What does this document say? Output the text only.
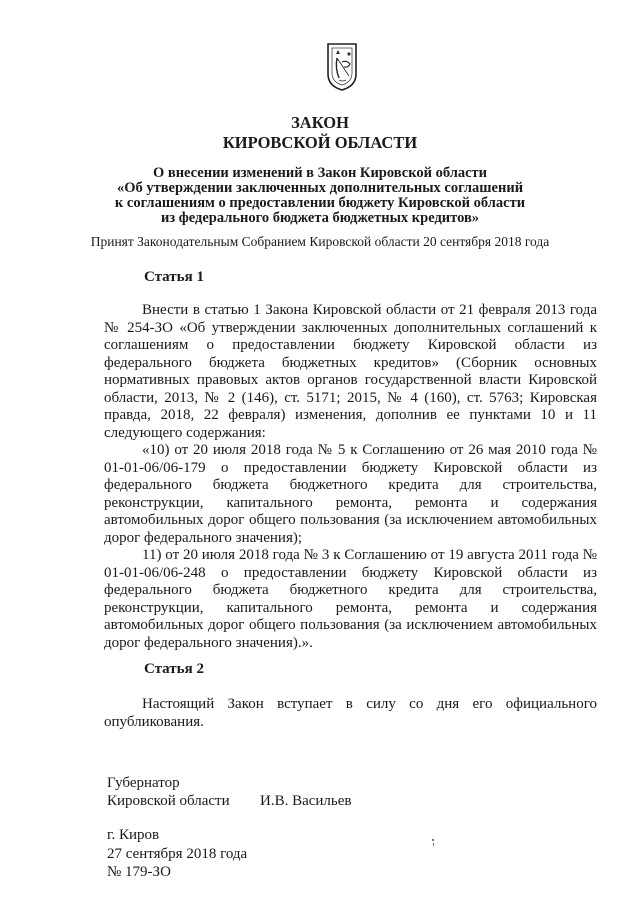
ЗАКОН
КИРОВСКОЙ ОБЛАСТИ
О внесении изменений в Закон Кировской области
«Об утверждении заключенных дополнительных соглашений
к соглашениям о предоставлении бюджету Кировской области
из федерального бюджета бюджетных кредитов»
Принят Законодательным Собранием Кировской области 20 сентября 2018 года
Статья 1

Внести в статью 1 Закона Кировской области от 21 февраля 2013 года № 254-ЗО «Об утверждении заключенных дополнительных соглашений к соглашениям о предоставлении бюджету Кировской области из федерального бюджета бюджетных кредитов» (Сборник основных нормативных правовых актов органов государственной власти Кировской области, 2013, № 2 (146), ст. 5171; 2015, № 4 (160), ст. 5763; Кировская правда, 2018, 22 февраля) изменения, дополнив ее пунктами 10 и 11 следующего содержания:

«10) от 20 июля 2018 года № 5 к Соглашению от 26 мая 2010 года № 01-01-06/06-179 о предоставлении бюджету Кировской области из федерального бюджета бюджетного кредита для строительства, реконструкции, капитального ремонта, ремонта и содержания автомобильных дорог общего пользования (за исключением автомобильных дорог федерального значения);

11) от 20 июля 2018 года № 3 к Соглашению от 19 августа 2011 года № 01-01-06/06-248 о предоставлении бюджету Кировской области из федерального бюджета бюджетного кредита для строительства, реконструкции, капитального ремонта, ремонта и содержания автомобильных дорог общего пользования (за исключением автомобильных дорог федерального значения).».

Статья 2

Настоящий Закон вступает в силу со дня его официального опубликования.

Губернатор
Кировской области И.В. Васильев
г. Киров
27 сентября 2018 года
№ 179-ЗО
